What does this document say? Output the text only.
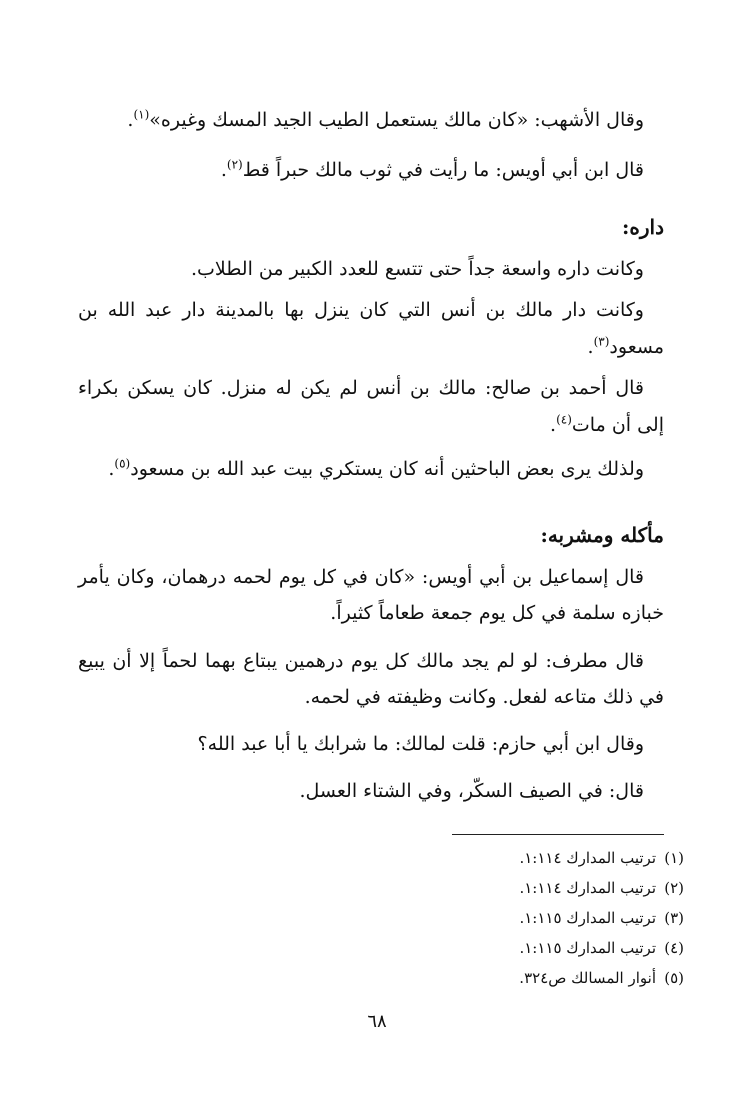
وقال الأشهب: «كان مالك يستعمل الطيب الجيد المسك وغيره»$^{(١)}$.
قال ابن أبي أويس: ما رأيت في ثوب مالك حبراً قط$^{(٢)}$.
داره:
وكانت داره واسعة جداً حتى تتسع للعدد الكبير من الطلاب.
وكانت دار مالك بن أنس التي كان ينزل بها بالمدينة دار عبد الله بن
مسعود$^{(٣)}$.
قال أحمد بن صالح: مالك بن أنس لم يكن له منزل. كان يسكن بكراء
إلى أن مات$^{(٤)}$.
ولذلك يرى بعض الباحثين أنه كان يستكري بيت عبد الله بن مسعود$^{(٥)}$.
مأكله ومشربه:
قال إسماعيل بن أبي أويس: «كان في كل يوم لحمه درهمان، وكان يأمر
خبازه سلمة في كل يوم جمعة طعاماً كثيراً.
قال مطرف: لو لم يجد مالك كل يوم درهمين يبتاع بهما لحماً إلا أن يبيع
في ذلك متاعه لفعل. وكانت وظيفته في لحمه.
وقال ابن أبي حازم: قلت لمالك: ما شرابك يا أبا عبد الله؟
قال: في الصيف السكّر، وفي الشتاء العسل.
(١)ترتيب المدارك ١:١١٤.
(٢)ترتيب المدارك ١:١١٤.
(٣)ترتيب المدارك ١:١١٥.
(٤)ترتيب المدارك ١:١١٥.
(٥)أنوار المسالك ص٣٢٤.
٦٨
